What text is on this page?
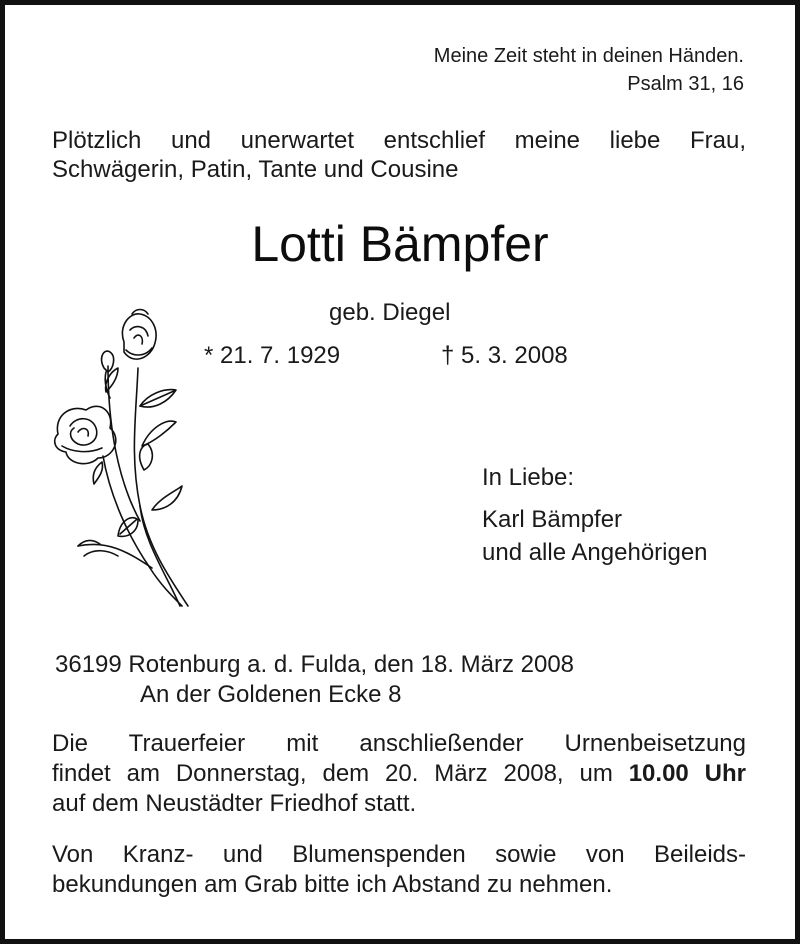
Meine Zeit steht in deinen Händen.
Psalm 31, 16
Plötzlich und unerwartet entschlief meine liebe Frau,
Schwägerin, Patin, Tante und Cousine
Lotti Bämpfer
geb. Diegel
* 21. 7. 1929	† 5. 3. 2008
In Liebe:
Karl Bämpfer
und alle Angehörigen
36199 Rotenburg a. d. Fulda, den 18. März 2008
An der Goldenen Ecke 8
Die Trauerfeier mit anschließender Urnenbeisetzung
findet am Donnerstag, dem 20. März 2008, um 10.00 Uhr
auf dem Neustädter Friedhof statt.
Von Kranz- und Blumenspenden sowie von Beileids-
bekundungen am Grab bitte ich Abstand zu nehmen.
